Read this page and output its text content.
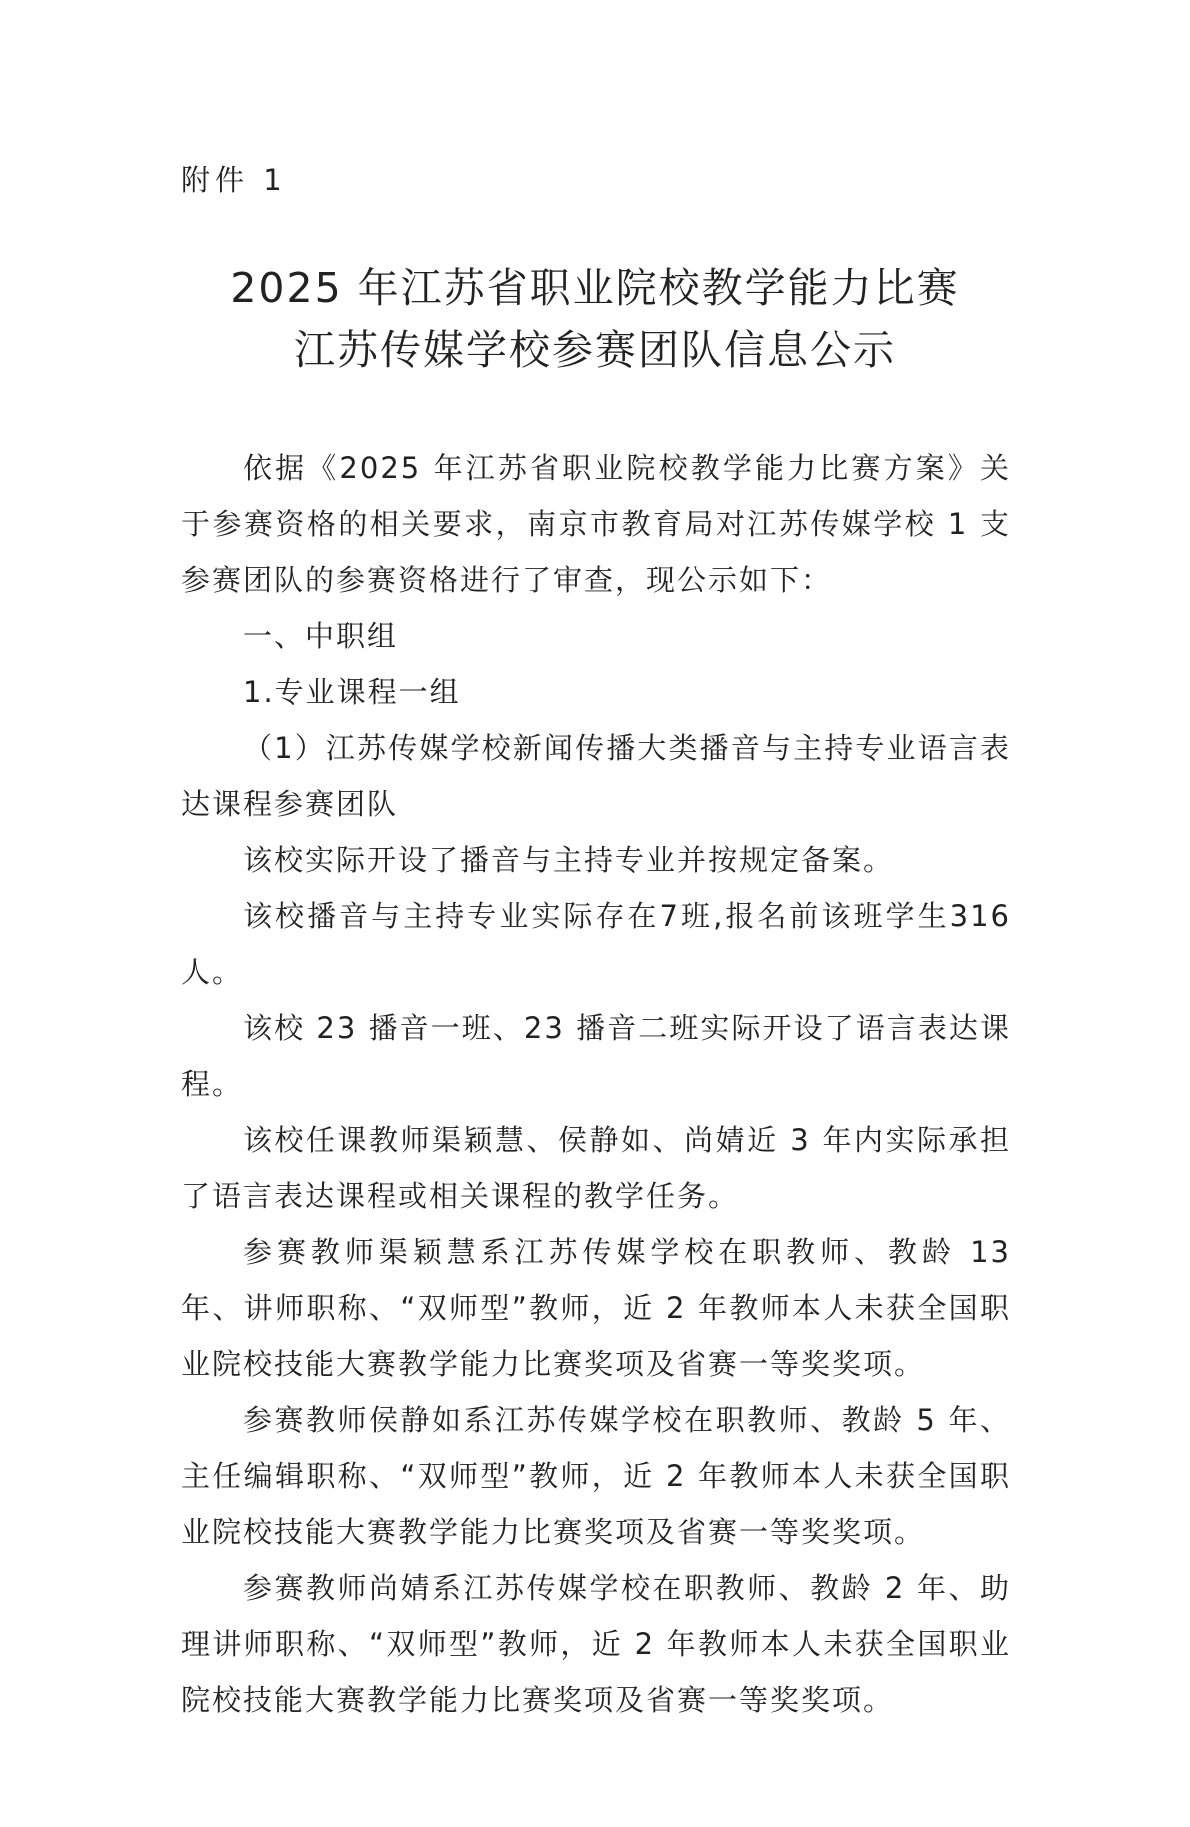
附件 1
2025 年江苏省职业院校教学能力比赛
江苏传媒学校参赛团队信息公示

依据《2025 年江苏省职业院校教学能力比赛方案》关于参赛资格的相关要求，南京市教育局对江苏传媒学校 1 支参赛团队的参赛资格进行了审查，现公示如下：

一、中职组

1.专业课程一组

（1）江苏传媒学校新闻传播大类播音与主持专业语言表达课程参赛团队

该校实际开设了播音与主持专业并按规定备案。

该校播音与主持专业实际存在7班,报名前该班学生316人。

该校 23 播音一班、23 播音二班实际开设了语言表达课程。

该校任课教师渠颖慧、侯静如、尚婧近 3 年内实际承担了语言表达课程或相关课程的教学任务。

参赛教师渠颖慧系江苏传媒学校在职教师、教龄 13 年、讲师职称、“双师型”教师，近 2 年教师本人未获全国职业院校技能大赛教学能力比赛奖项及省赛一等奖奖项。

参赛教师侯静如系江苏传媒学校在职教师、教龄 5 年、主任编辑职称、“双师型”教师，近 2 年教师本人未获全国职业院校技能大赛教学能力比赛奖项及省赛一等奖奖项。

参赛教师尚婧系江苏传媒学校在职教师、教龄 2 年、助理讲师职称、“双师型”教师，近 2 年教师本人未获全国职业院校技能大赛教学能力比赛奖项及省赛一等奖奖项。
